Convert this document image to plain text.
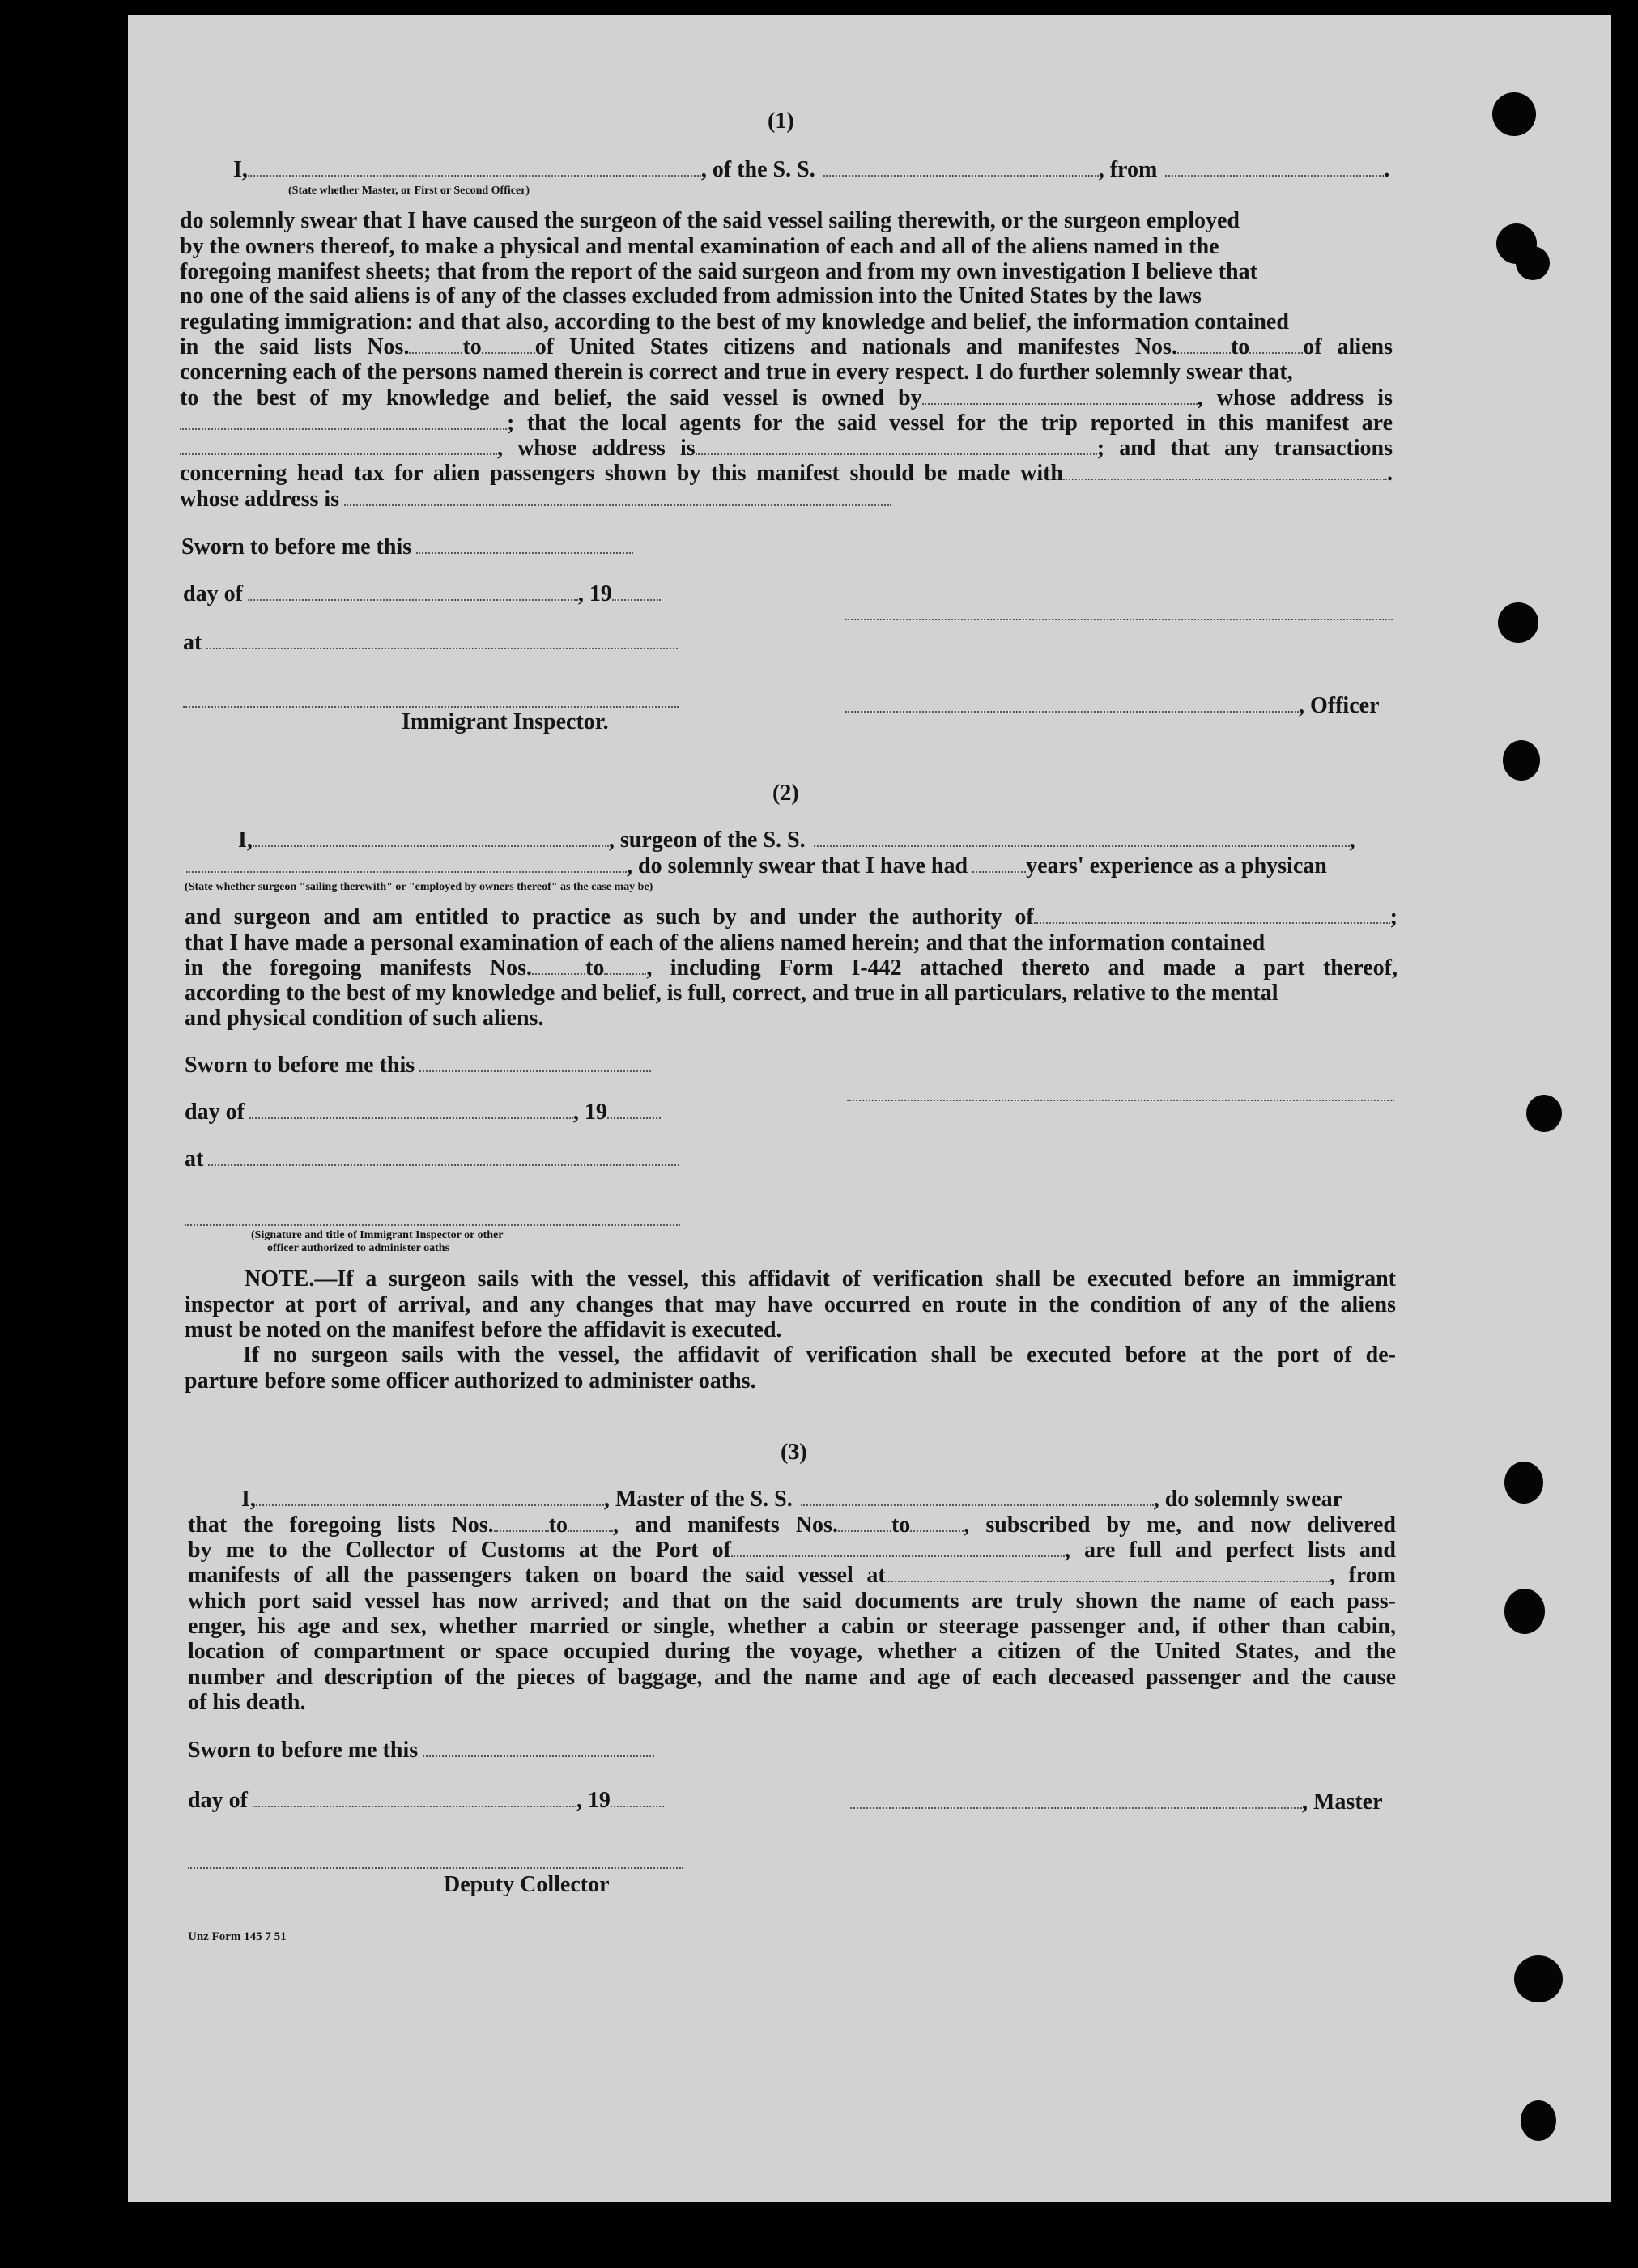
(1)
I,	, of the S. S.	, from	.
(State whether Master, or First or Second Officer)
do solemnly swear that I have caused the surgeon of the said vessel sailing therewith, or the surgeon employed
by the owners thereof, to make a physical and mental examination of each and all of the aliens named in the
foregoing manifest sheets; that from the report of the said surgeon and from my own investigation I believe that
no one of the said aliens is of any of the classes excluded from admission into the United States by the laws
regulating immigration: and that also, according to the best of my knowledge and belief, the information contained
in the said lists Nos. to of United States citizens and nationals and manifestes Nos. to of aliens
concerning each of the persons named therein is correct and true in every respect. I do further solemnly swear that,
to the best of my knowledge and belief, the said vessel is owned by	, whose address is
; that the local agents for the said vessel for the trip reported in this manifest are
, whose address is	; and that any transactions
concerning head tax for alien passengers shown by this manifest should be made with	.
whose address is
Sworn to before me this
day of	, 19
at
Immigrant Inspector.
, Officer
(2)
I,	, surgeon of the S. S.	,
, do solemnly swear that I have had	years' experience as a physican
(State whether surgeon "sailing therewith" or "employed by owners thereof" as the case may be)
and surgeon and am entitled to practice as such by and under the authority of	;
that I have made a personal examination of each of the aliens named herein; and that the information contained
in the foregoing manifests Nos. to , including Form I-442 attached thereto and made a part thereof,
according to the best of my knowledge and belief, is full, correct, and true in all particulars, relative to the mental
and physical condition of such aliens.
Sworn to before me this
day of	, 19
at
(Signature and title of Immigrant Inspector or other
officer authorized to administer oaths
NOTE.—If a surgeon sails with the vessel, this affidavit of verification shall be executed before an immigrant
inspector at port of arrival, and any changes that may have occurred en route in the condition of any of the aliens
must be noted on the manifest before the affidavit is executed.
If no surgeon sails with the vessel, the affidavit of verification shall be executed before at the port of de-
parture before some officer authorized to administer oaths.
(3)
I,	, Master of the S. S.	, do solemnly swear
that the foregoing lists Nos. to , and manifests Nos. to , subscribed by me, and now delivered
by me to the Collector of Customs at the Port of	, are full and perfect lists and
manifests of all the passengers taken on board the said vessel at	, from
which port said vessel has now arrived; and that on the said documents are truly shown the name of each pass-
enger, his age and sex, whether married or single, whether a cabin or steerage passenger and, if other than cabin,
location of compartment or space occupied during the voyage, whether a citizen of the United States, and the
number and description of the pieces of baggage, and the name and age of each deceased passenger and the cause
of his death.
Sworn to before me this
day of	, 19	, Master
Deputy Collector
Unz Form 145 7 51
